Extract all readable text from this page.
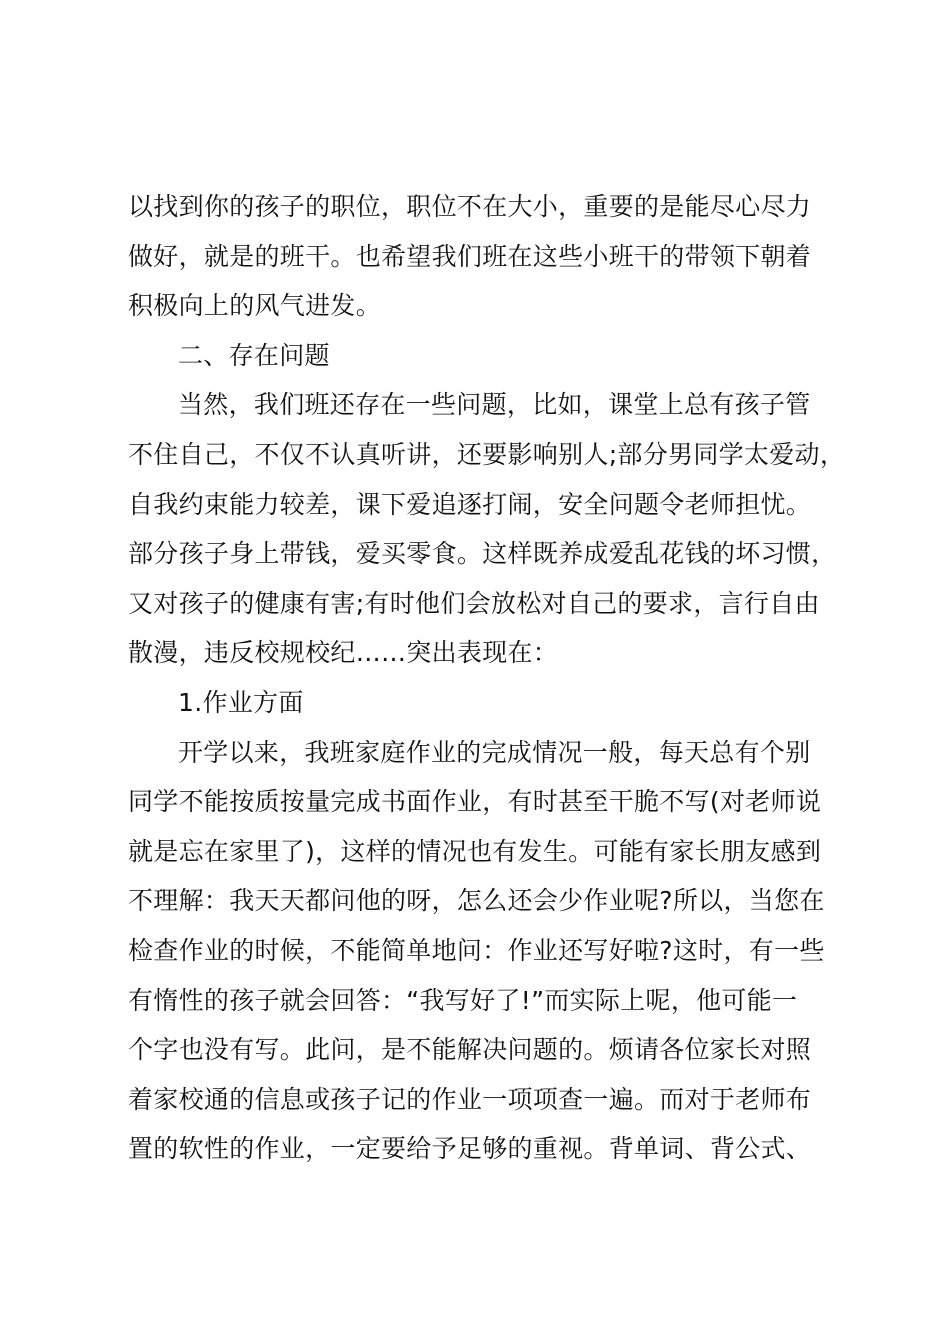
以找到你的孩子的职位，职位不在大小，重要的是能尽心尽力
做好，就是的班干。也希望我们班在这些小班干的带领下朝着
积极向上的风气进发。
二、存在问题
当然，我们班还存在一些问题，比如，课堂上总有孩子管
不住自己，不仅不认真听讲，还要影响别人;部分男同学太爱动，
自我约束能力较差，课下爱追逐打闹，安全问题令老师担忧。
部分孩子身上带钱，爱买零食。这样既养成爱乱花钱的坏习惯，
又对孩子的健康有害;有时他们会放松对自己的要求，言行自由
散漫，违反校规校纪……突出表现在：
1.作业方面
开学以来，我班家庭作业的完成情况一般，每天总有个别
同学不能按质按量完成书面作业，有时甚至干脆不写(对老师说
就是忘在家里了)，这样的情况也有发生。可能有家长朋友感到
不理解：我天天都问他的呀，怎么还会少作业呢?所以，当您在
检查作业的时候，不能简单地问：作业还写好啦?这时，有一些
有惰性的孩子就会回答：“我写好了!”而实际上呢，他可能一
个字也没有写。此问，是不能解决问题的。烦请各位家长对照
着家校通的信息或孩子记的作业一项项查一遍。而对于老师布
置的软性的作业，一定要给予足够的重视。背单词、背公式、
